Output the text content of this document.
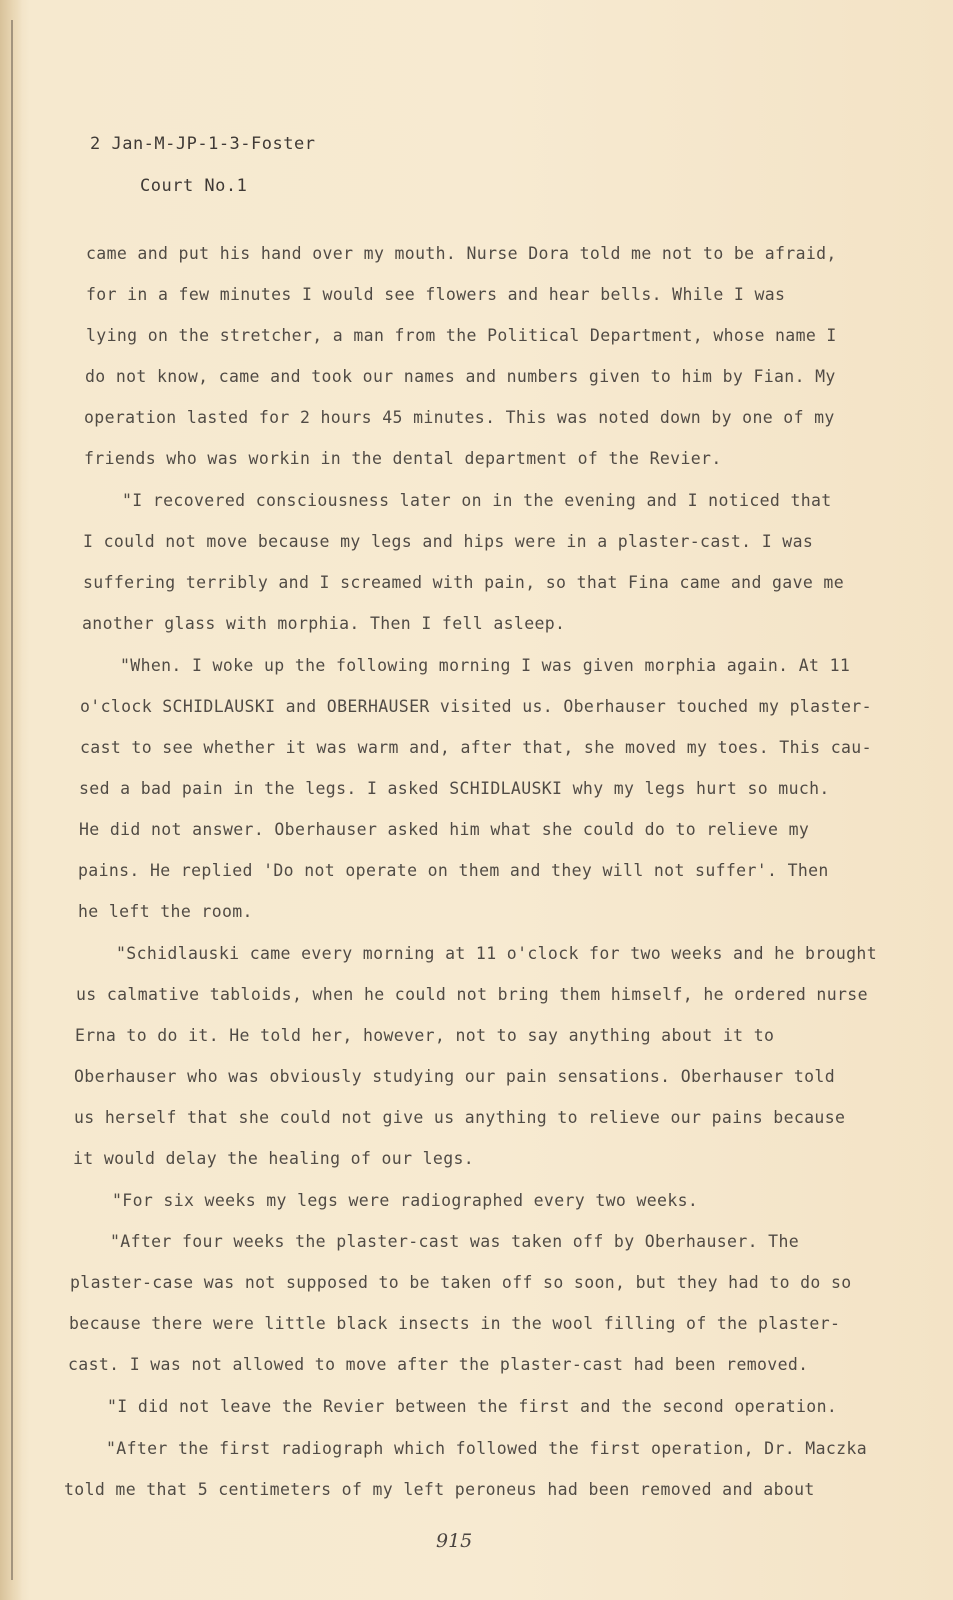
2 Jan-M-JP-1-3-Foster
Court No.1
came and put his hand over my mouth. Nurse Dora told me not to be afraid,
for in a few minutes I would see flowers and hear bells. While I was
lying on the stretcher, a man from the Political Department, whose name I
do not know, came and took our names and numbers given to him by Fian. My
operation lasted for 2 hours 45 minutes. This was noted down by one of my
friends who was workin in the dental department of the Revier.
"I recovered consciousness later on in the evening and I noticed that
I could not move because my legs and hips were in a plaster-cast. I was
suffering terribly and I screamed with pain, so that Fina came and gave me
another glass with morphia. Then I fell asleep.
"When. I woke up the following morning I was given morphia again. At 11
o'clock SCHIDLAUSKI and OBERHAUSER visited us. Oberhauser touched my plaster-
cast to see whether it was warm and, after that, she moved my toes. This cau-
sed a bad pain in the legs. I asked SCHIDLAUSKI why my legs hurt so much.
He did not answer. Oberhauser asked him what she could do to relieve my
pains. He replied 'Do not operate on them and they will not suffer'. Then
he left the room.
"Schidlauski came every morning at 11 o'clock for two weeks and he brought
us calmative tabloids, when he could not bring them himself, he ordered nurse
Erna to do it. He told her, however, not to say anything about it to
Oberhauser who was obviously studying our pain sensations. Oberhauser told
us herself that she could not give us anything to relieve our pains because
it would delay the healing of our legs.
"For six weeks my legs were radiographed every two weeks.
"After four weeks the plaster-cast was taken off by Oberhauser. The
plaster-case was not supposed to be taken off so soon, but they had to do so
because there were little black insects in the wool filling of the plaster-
cast. I was not allowed to move after the plaster-cast had been removed.
"I did not leave the Revier between the first and the second operation.
"After the first radiograph which followed the first operation, Dr. Maczka
told me that 5 centimeters of my left peroneus had been removed and about
915
